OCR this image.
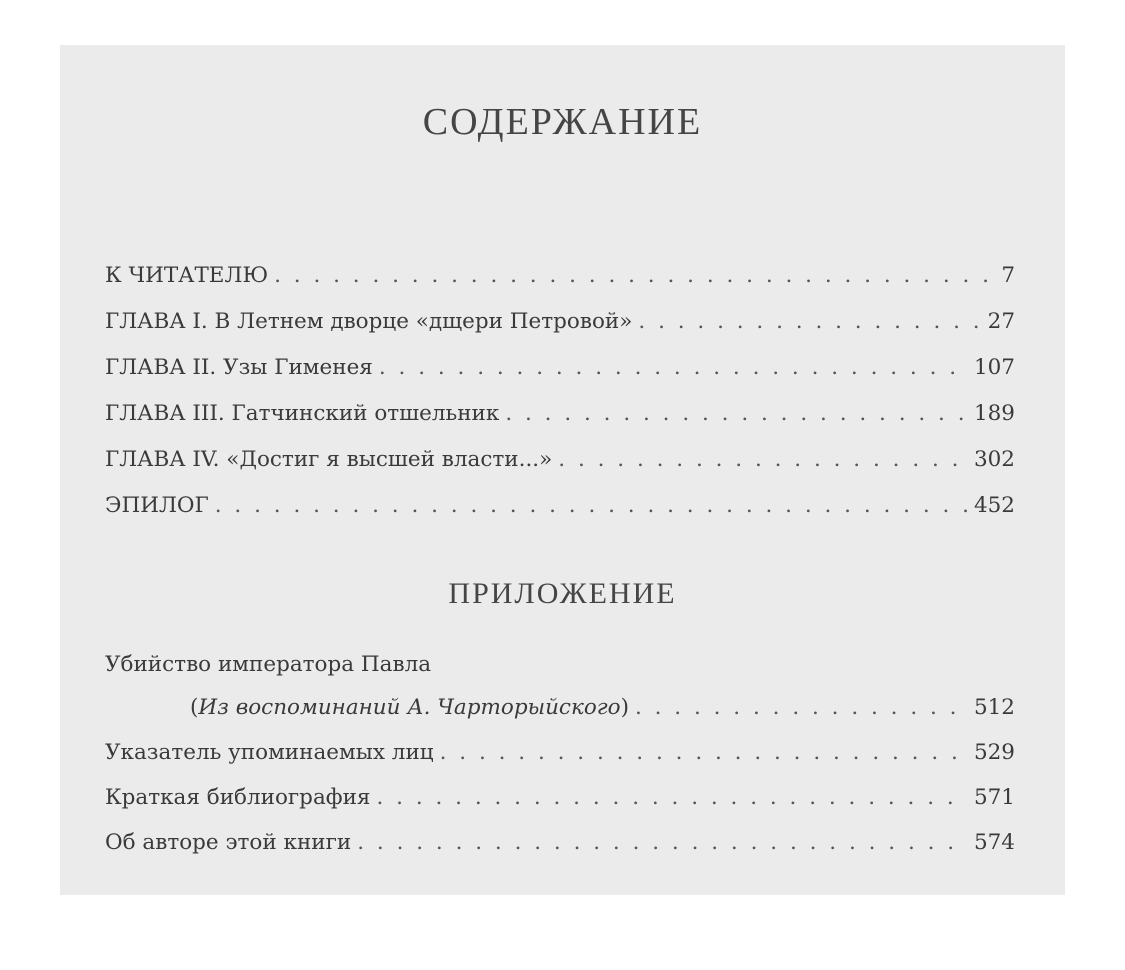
СОДЕРЖАНИЕ
К ЧИТАТЕЛЮ . . .	7
ГЛАВА I. В Летнем дворце «дщери Петровой» . . .	27
ГЛАВА II. Узы Гименея . . .	107
ГЛАВА III. Гатчинский отшельник . . .	189
ГЛАВА IV. «Достиг я высшей власти...» . . .	302
ЭПИЛОГ . . .	452
ПРИЛОЖЕНИЕ
Убийство императора Павла
(Из воспоминаний А. Чарторыйского) . . .	512
Указатель упоминаемых лиц . . .	529
Краткая библиография . . .	571
Об авторе этой книги . . .	574
